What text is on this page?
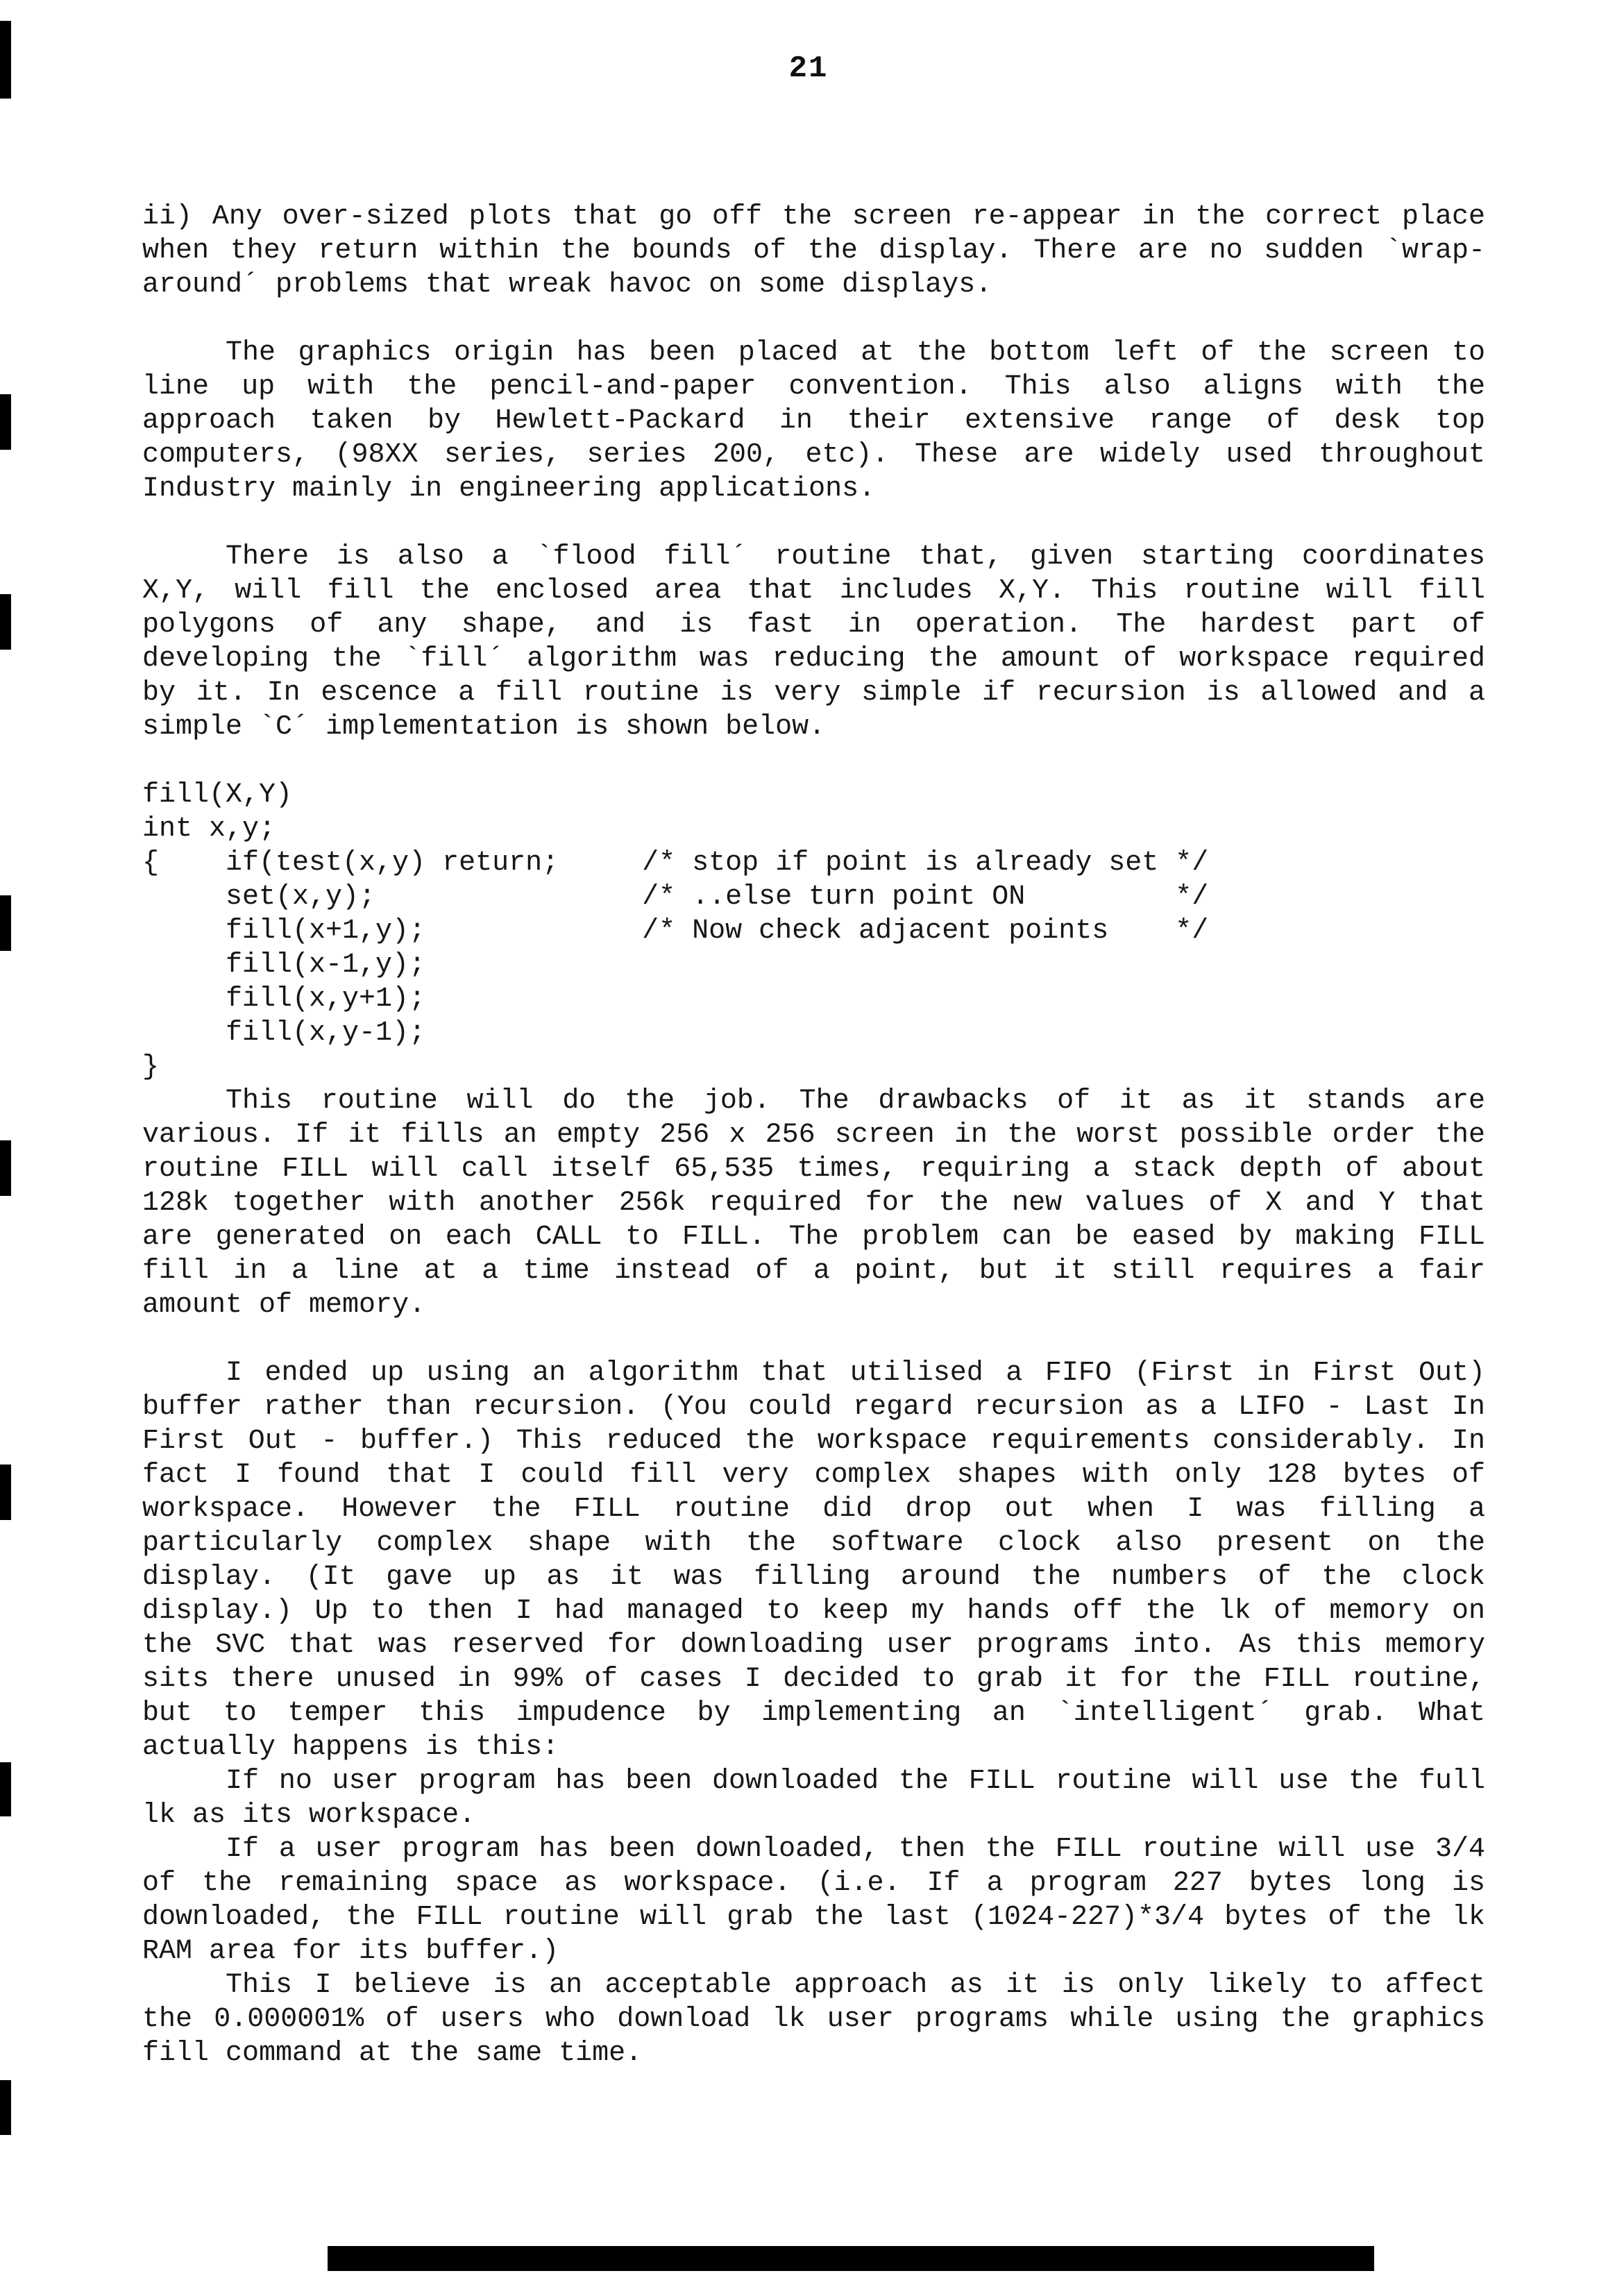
21
ii) Any over-sized plots that go off the screen re-appear in the correct place
when they return within the bounds of the display. There are no sudden `wrap-
around´ problems that wreak havoc on some displays.
The graphics origin has been placed at the bottom left of the screen to
line up with the pencil-and-paper convention. This also aligns with the
approach taken by Hewlett-Packard in their extensive range of desk top
computers, (98XX series, series 200, etc). These are widely used throughout
Industry mainly in engineering applications.
There is also a `flood fill´ routine that, given starting coordinates
X,Y, will fill the enclosed area that includes X,Y. This routine will fill
polygons of any shape, and is fast in operation. The hardest part of
developing the `fill´ algorithm was reducing the amount of workspace required
by it. In escence a fill routine is very simple if recursion is allowed and a
simple `C´ implementation is shown below.
fill(X,Y)
int x,y;
{    if(test(x,y) return;     /* stop if point is already set */
set(x,y);                /* ..else turn point ON         */
fill(x+1,y);             /* Now check adjacent points    */
fill(x-1,y);
fill(x,y+1);
fill(x,y-1);
}
This routine will do the job. The drawbacks of it as it stands are
various. If it fills an empty 256 x 256 screen in the worst possible order the
routine FILL will call itself 65,535 times, requiring a stack depth of about
128k together with another 256k required for the new values of X and Y that
are generated on each CALL to FILL. The problem can be eased by making FILL
fill in a line at a time instead of a point, but it still requires a fair
amount of memory.
I ended up using an algorithm that utilised a FIFO (First in First Out)
buffer rather than recursion. (You could regard recursion as a LIFO - Last In
First Out - buffer.) This reduced the workspace requirements considerably. In
fact I found that I could fill very complex shapes with only 128 bytes of
workspace. However the FILL routine did drop out when I was filling a
particularly complex shape with the software clock also present on the
display. (It gave up as it was filling around the numbers of the clock
display.) Up to then I had managed to keep my hands off the lk of memory on
the SVC that was reserved for downloading user programs into. As this memory
sits there unused in 99% of cases I decided to grab it for the FILL routine,
but to temper this impudence by implementing an `intelligent´ grab. What
actually happens is this:
If no user program has been downloaded the FILL routine will use the full
lk as its workspace.
If a user program has been downloaded, then the FILL routine will use 3/4
of the remaining space as workspace. (i.e. If a program 227 bytes long is
downloaded, the FILL routine will grab the last (1024-227)*3/4 bytes of the lk
RAM area for its buffer.)
This I believe is an acceptable approach as it is only likely to affect
the 0.000001% of users who download lk user programs while using the graphics
fill command at the same time.
